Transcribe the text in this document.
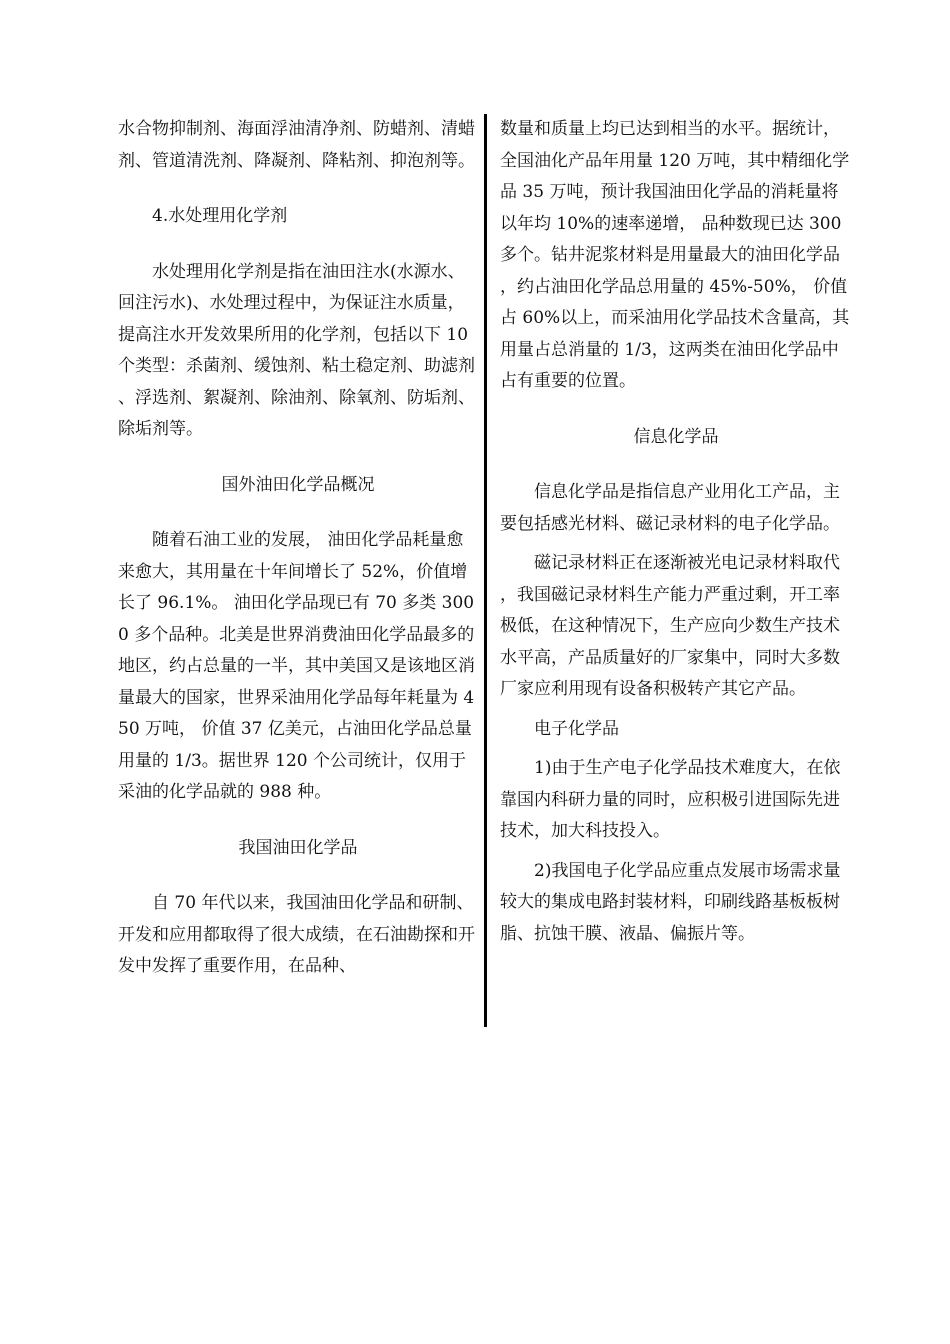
水合物抑制剂、海面浮油清净剂、防蜡剂、清蜡剂、管道清洗剂、降凝剂、降粘剂、抑泡剂等。

4.水处理用化学剂

水处理用化学剂是指在油田注水(水源水、回注污水)、水处理过程中，为保证注水质量，提高注水开发效果所用的化学剂，包括以下 10 个类型：杀菌剂、缓蚀剂、粘土稳定剂、助滤剂、浮选剂、絮凝剂、除油剂、除氧剂、防垢剂、除垢剂等。

国外油田化学品概况

随着石油工业的发展， 油田化学品耗量愈来愈大，其用量在十年间增长了 52%，价值增长了 96.1%。 油田化学品现已有 70 多类 3000 多个品种。北美是世界消费油田化学品最多的地区，约占总量的一半，其中美国又是该地区消量最大的国家，世界采油用化学品每年耗量为 450 万吨， 价值 37 亿美元，占油田化学品总量用量的 1/3。据世界 120 个公司统计，仅用于采油的化学品就的 988 种。

我国油田化学品

自 70 年代以来，我国油田化学品和研制、开发和应用都取得了很大成绩，在石油勘探和开发中发挥了重要作用，在品种、

数量和质量上均已达到相当的水平。据统计，全国油化产品年用量 120 万吨，其中精细化学品 35 万吨，预计我国油田化学品的消耗量将以年均 10%的速率递增， 品种数现已达 300 多个。钻井泥浆材料是用量最大的油田化学品，约占油田化学品总用量的 45%-50%， 价值占 60%以上，而采油用化学品技术含量高，其用量占总消量的 1/3，这两类在油田化学品中占有重要的位置。

信息化学品

信息化学品是指信息产业用化工产品，主要包括感光材料、磁记录材料的电子化学品。

磁记录材料正在逐渐被光电记录材料取代，我国磁记录材料生产能力严重过剩，开工率极低，在这种情况下，生产应向少数生产技术水平高，产品质量好的厂家集中，同时大多数厂家应利用现有设备积极转产其它产品。

电子化学品

1)由于生产电子化学品技术难度大，在依靠国内科研力量的同时，应积极引进国际先进技术，加大科技投入。

2)我国电子化学品应重点发展市场需求量较大的集成电路封装材料，印刷线路基板板树脂、抗蚀干膜、液晶、偏振片等。
